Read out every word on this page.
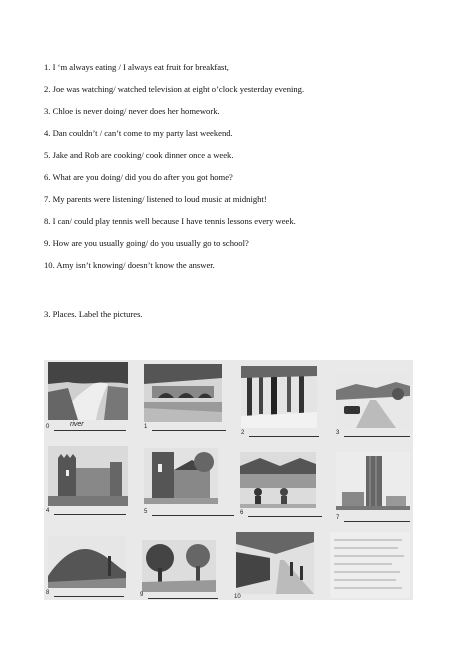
1. I ‘m always eating / I always eat fruit for breakfast,
2. Joe was watching/ watched television at eight o’clock yesterday evening.
3. Chloe is never doing/ never does her homework.
4. Dan couldn’t / can’t come to my party last weekend.
5. Jake and Rob are cooking/ cook dinner once a week.
6. What are you doing/ did you do after you got home?
7. My parents were listening/ listened to loud music at midnight!
8. I can/ could play tennis well because I have tennis lessons every week.
9. How are you usually going/ do you usually go to school?
10. Amy isn’t knowing/ doesn’t know the answer.
3. Places. Label the pictures.
0	river	1
2	3
4	5	6
7
8	9	10
